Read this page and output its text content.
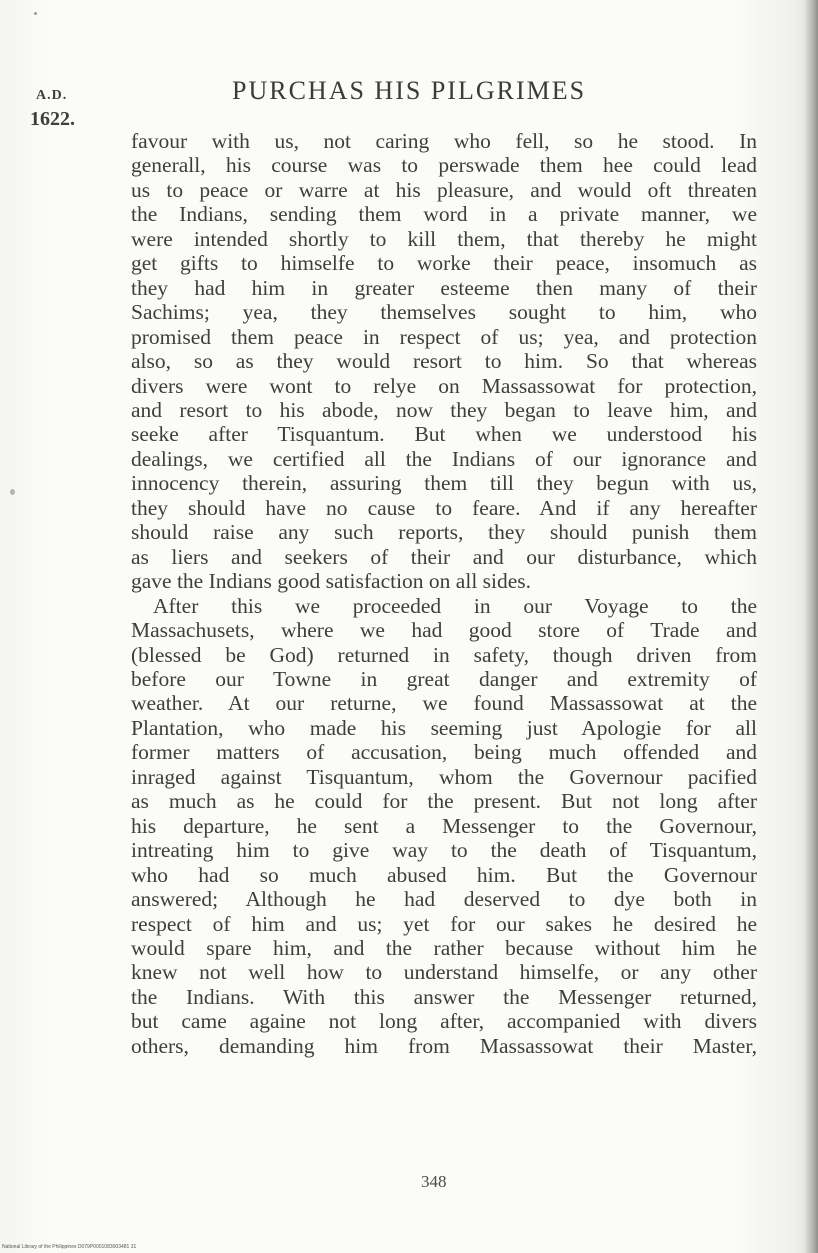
A.D.
1622.
PURCHAS HIS PILGRIMES
favour with us, not caring who fell, so he stood. In
generall, his course was to perswade them hee could lead
us to peace or warre at his pleasure, and would oft threaten
the Indians, sending them word in a private manner, we
were intended shortly to kill them, that thereby he might
get gifts to himselfe to worke their peace, insomuch as
they had him in greater esteeme then many of their
Sachims; yea, they themselves sought to him, who
promised them peace in respect of us; yea, and protection
also, so as they would resort to him. So that whereas
divers were wont to relye on Massassowat for protection,
and resort to his abode, now they began to leave him, and
seeke after Tisquantum. But when we understood his
dealings, we certified all the Indians of our ignorance and
innocency therein, assuring them till they begun with us,
they should have no cause to feare. And if any hereafter
should raise any such reports, they should punish them
as liers and seekers of their and our disturbance, which
gave the Indians good satisfaction on all sides.
After this we proceeded in our Voyage to the
Massachusets, where we had good store of Trade and
(blessed be God) returned in safety, though driven from
before our Towne in great danger and extremity of
weather. At our returne, we found Massassowat at the
Plantation, who made his seeming just Apologie for all
former matters of accusation, being much offended and
inraged against Tisquantum, whom the Governour pacified
as much as he could for the present. But not long after
his departure, he sent a Messenger to the Governour,
intreating him to give way to the death of Tisquantum,
who had so much abused him. But the Governour
answered; Although he had deserved to dye both in
respect of him and us; yet for our sakes he desired he
would spare him, and the rather because without him he
knew not well how to understand himselfe, or any other
the Indians. With this answer the Messenger returned,
but came againe not long after, accompanied with divers
others, demanding him from Massassowat their Master,
348
National Library of the Philippines D079P0001083003481 31
